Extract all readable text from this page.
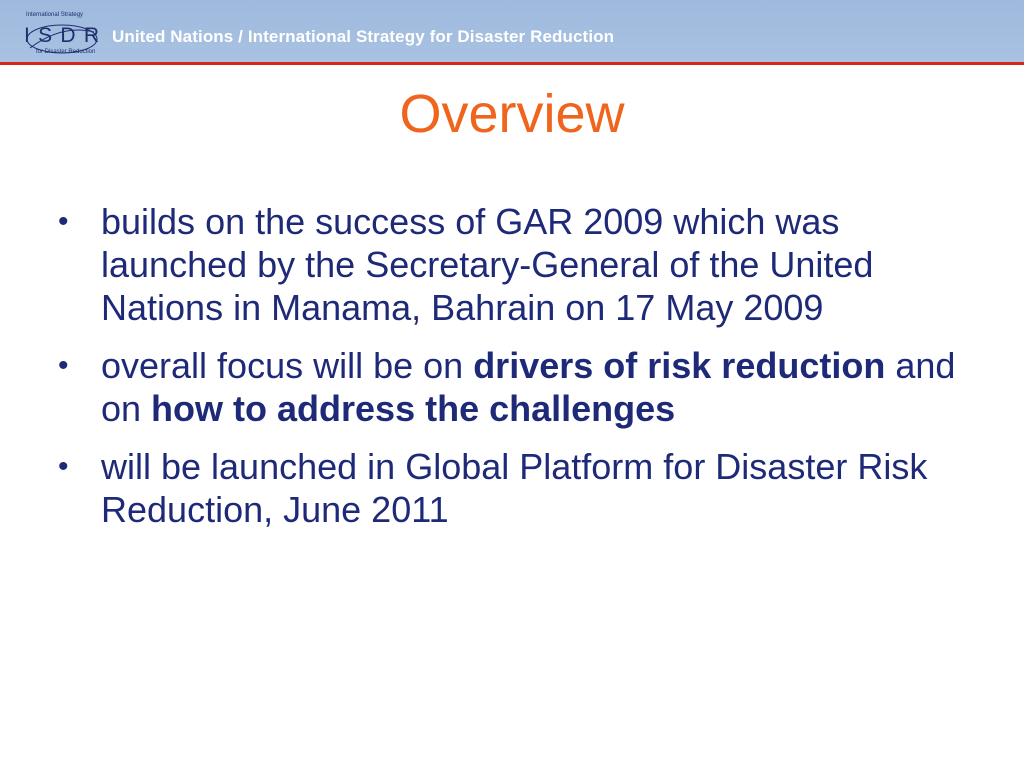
International Strategy
I S D R
for Disaster Reduction
United Nations / International Strategy for Disaster Reduction
Overview
• builds on the success of GAR 2009 which was launched by the Secretary-General of the United Nations in Manama, Bahrain on 17 May 2009
• overall focus will be on drivers of risk reduction and on how to address the challenges
• will be launched in Global Platform for Disaster Risk Reduction, June 2011
